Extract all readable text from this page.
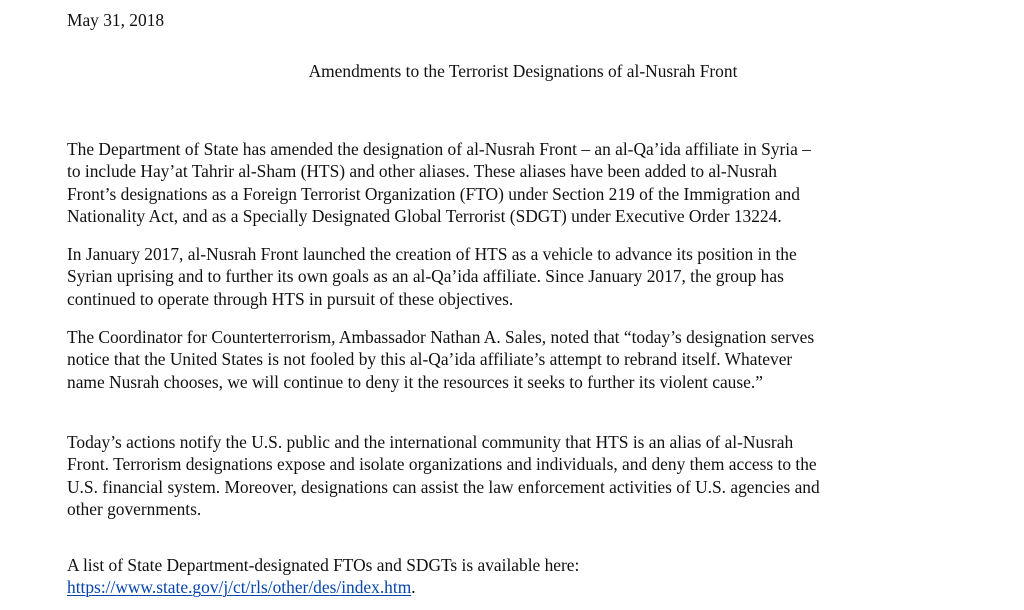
May 31, 2018
Amendments to the Terrorist Designations of al-Nusrah Front
The Department of State has amended the designation of al-Nusrah Front – an al-Qa’ida affiliate in Syria –
to include Hay’at Tahrir al-Sham (HTS) and other aliases. These aliases have been added to al-Nusrah
Front’s designations as a Foreign Terrorist Organization (FTO) under Section 219 of the Immigration and
Nationality Act, and as a Specially Designated Global Terrorist (SDGT) under Executive Order 13224.
In January 2017, al-Nusrah Front launched the creation of HTS as a vehicle to advance its position in the
Syrian uprising and to further its own goals as an al-Qa’ida affiliate. Since January 2017, the group has
continued to operate through HTS in pursuit of these objectives.
The Coordinator for Counterterrorism, Ambassador Nathan A. Sales, noted that “today’s designation serves
notice that the United States is not fooled by this al-Qa’ida affiliate’s attempt to rebrand itself. Whatever
name Nusrah chooses, we will continue to deny it the resources it seeks to further its violent cause.”
Today’s actions notify the U.S. public and the international community that HTS is an alias of al-Nusrah
Front. Terrorism designations expose and isolate organizations and individuals, and deny them access to the
U.S. financial system. Moreover, designations can assist the law enforcement activities of U.S. agencies and
other governments.
A list of State Department-designated FTOs and SDGTs is available here:
https://www.state.gov/j/ct/rls/other/des/index.htm.
